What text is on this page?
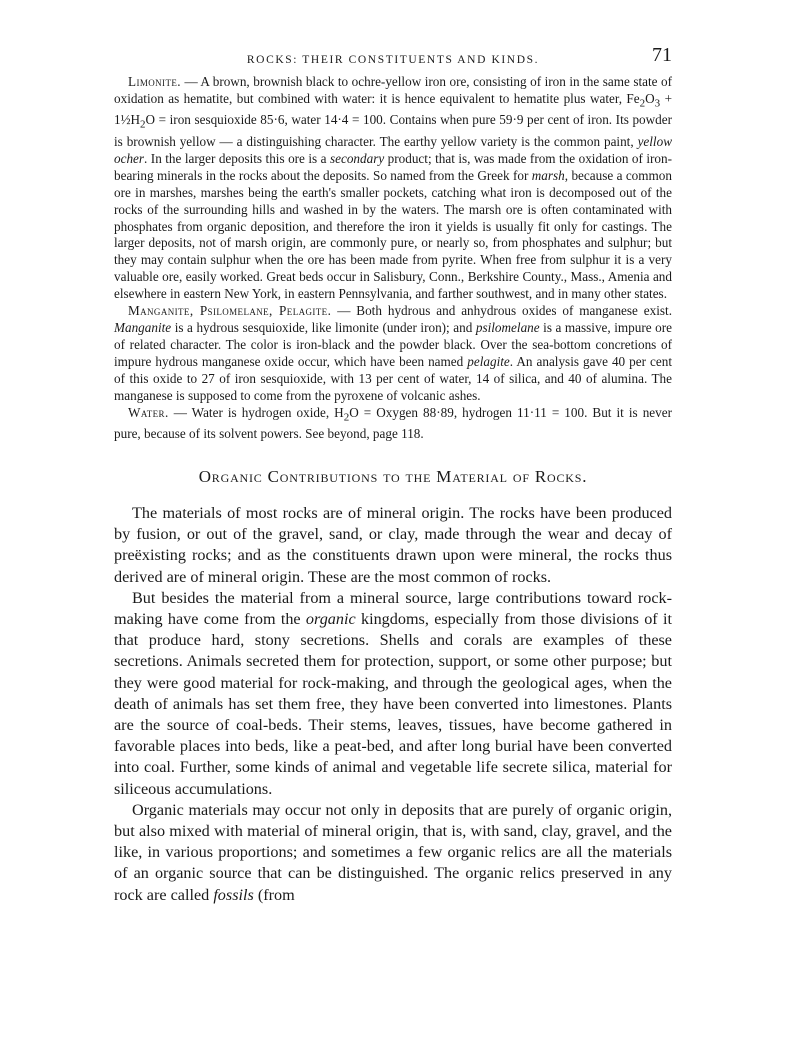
ROCKS: THEIR CONSTITUENTS AND KINDS.	71

Limonite. — A brown, brownish black to ochre-yellow iron ore, consisting of iron in the same state of oxidation as hematite, but combined with water: it is hence equivalent to hematite plus water, $Fe_2O_3$ + $1\frac{1}{2}H_2O$ = iron sesquioxide 85·6, water 14·4 = 100. Contains when pure 59·9 per cent of iron. Its powder is brownish yellow — a distinguishing character. The earthy yellow variety is the common paint, yellow ocher. In the larger deposits this ore is a secondary product; that is, was made from the oxidation of iron-bearing minerals in the rocks about the deposits. So named from the Greek for marsh, because a common ore in marshes, marshes being the earth's smaller pockets, catching what iron is decomposed out of the rocks of the surrounding hills and washed in by the waters. The marsh ore is often contaminated with phosphates from organic deposition, and therefore the iron it yields is usually fit only for castings. The larger deposits, not of marsh origin, are commonly pure, or nearly so, from phosphates and sulphur; but they may contain sulphur when the ore has been made from pyrite. When free from sulphur it is a very valuable ore, easily worked. Great beds occur in Salisbury, Conn., Berkshire County., Mass., Amenia and elsewhere in eastern New York, in eastern Pennsylvania, and farther southwest, and in many other states.

Manganite, Psilomelane, Pelagite. — Both hydrous and anhydrous oxides of manganese exist. Manganite is a hydrous sesquioxide, like limonite (under iron); and psilomelane is a massive, impure ore of related character. The color is iron-black and the powder black. Over the sea-bottom concretions of impure hydrous manganese oxide occur, which have been named pelagite. An analysis gave 40 per cent of this oxide to 27 of iron sesquioxide, with 13 per cent of water, 14 of silica, and 40 of alumina. The manganese is supposed to come from the pyroxene of volcanic ashes.

Water. — Water is hydrogen oxide, $H_2O$ = Oxygen 88·89, hydrogen 11·11 = 100. But it is never pure, because of its solvent powers. See beyond, page 118.

Organic Contributions to the Material of Rocks.

The materials of most rocks are of mineral origin. The rocks have been produced by fusion, or out of the gravel, sand, or clay, made through the wear and decay of preëxisting rocks; and as the constituents drawn upon were mineral, the rocks thus derived are of mineral origin. These are the most common of rocks.

But besides the material from a mineral source, large contributions toward rock-making have come from the organic kingdoms, especially from those divisions of it that produce hard, stony secretions. Shells and corals are examples of these secretions. Animals secreted them for protection, support, or some other purpose; but they were good material for rock-making, and through the geological ages, when the death of animals has set them free, they have been converted into limestones. Plants are the source of coal-beds. Their stems, leaves, tissues, have become gathered in favorable places into beds, like a peat-bed, and after long burial have been converted into coal. Further, some kinds of animal and vegetable life secrete silica, material for siliceous accumulations.

Organic materials may occur not only in deposits that are purely of organic origin, but also mixed with material of mineral origin, that is, with sand, clay, gravel, and the like, in various proportions; and sometimes a few organic relics are all the materials of an organic source that can be distinguished. The organic relics preserved in any rock are called fossils (from
